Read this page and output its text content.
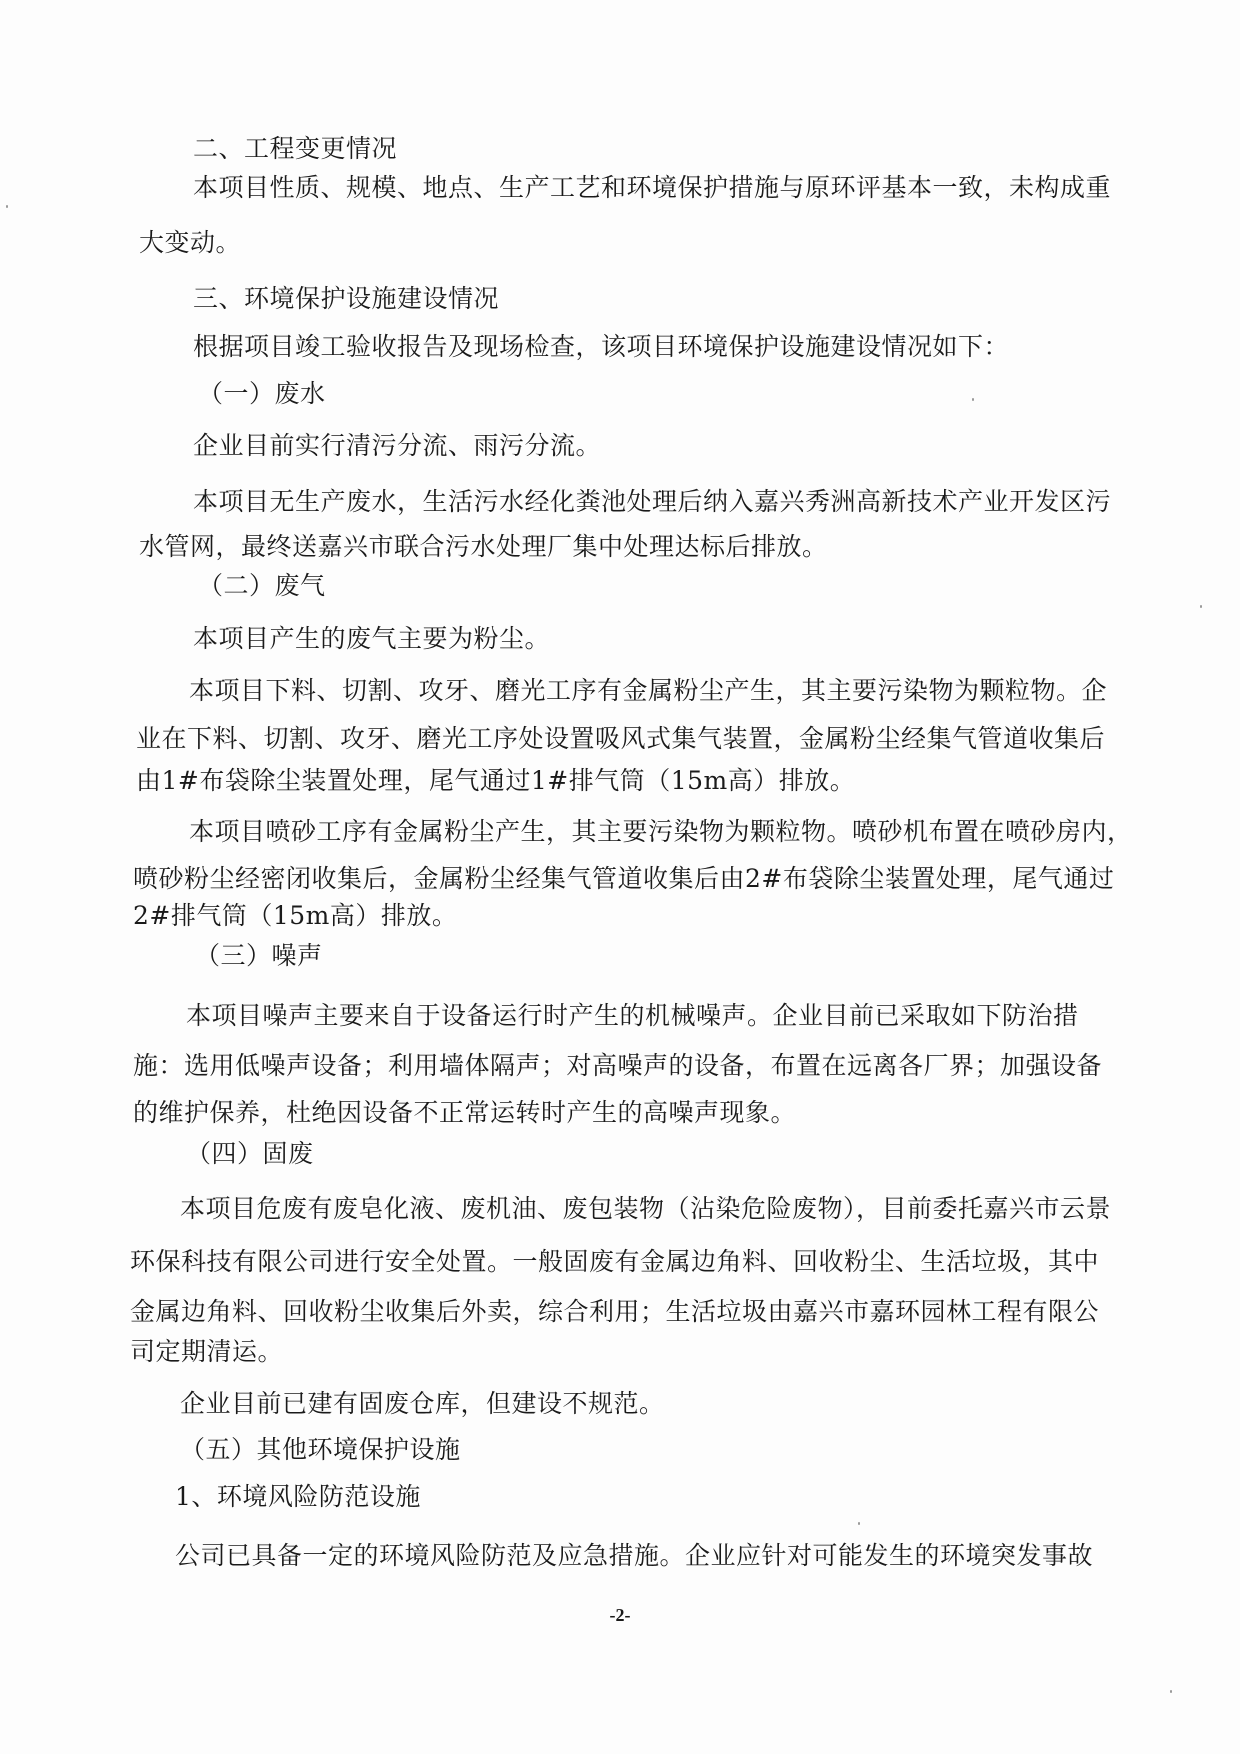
二、工程变更情况
本项目性质、规模、地点、生产工艺和环境保护措施与原环评基本一致，未构成重
大变动。
三、环境保护设施建设情况
根据项目竣工验收报告及现场检查，该项目环境保护设施建设情况如下：
（一）废水
企业目前实行清污分流、雨污分流。
本项目无生产废水，生活污水经化粪池处理后纳入嘉兴秀洲高新技术产业开发区污
水管网，最终送嘉兴市联合污水处理厂集中处理达标后排放。
（二）废气
本项目产生的废气主要为粉尘。
本项目下料、切割、攻牙、磨光工序有金属粉尘产生，其主要污染物为颗粒物。企
业在下料、切割、攻牙、磨光工序处设置吸风式集气装置，金属粉尘经集气管道收集后
由1#布袋除尘装置处理，尾气通过1#排气筒（15m高）排放。
本项目喷砂工序有金属粉尘产生，其主要污染物为颗粒物。喷砂机布置在喷砂房内，
喷砂粉尘经密闭收集后，金属粉尘经集气管道收集后由2#布袋除尘装置处理，尾气通过
2#排气筒（15m高）排放。
（三）噪声
本项目噪声主要来自于设备运行时产生的机械噪声。企业目前已采取如下防治措
施：选用低噪声设备；利用墙体隔声；对高噪声的设备，布置在远离各厂界；加强设备
的维护保养，杜绝因设备不正常运转时产生的高噪声现象。
（四）固废
本项目危废有废皂化液、废机油、废包装物（沾染危险废物），目前委托嘉兴市云景
环保科技有限公司进行安全处置。一般固废有金属边角料、回收粉尘、生活垃圾，其中
金属边角料、回收粉尘收集后外卖，综合利用；生活垃圾由嘉兴市嘉环园林工程有限公
司定期清运。
企业目前已建有固废仓库，但建设不规范。
（五）其他环境保护设施
1、环境风险防范设施
公司已具备一定的环境风险防范及应急措施。企业应针对可能发生的环境突发事故
-2-
